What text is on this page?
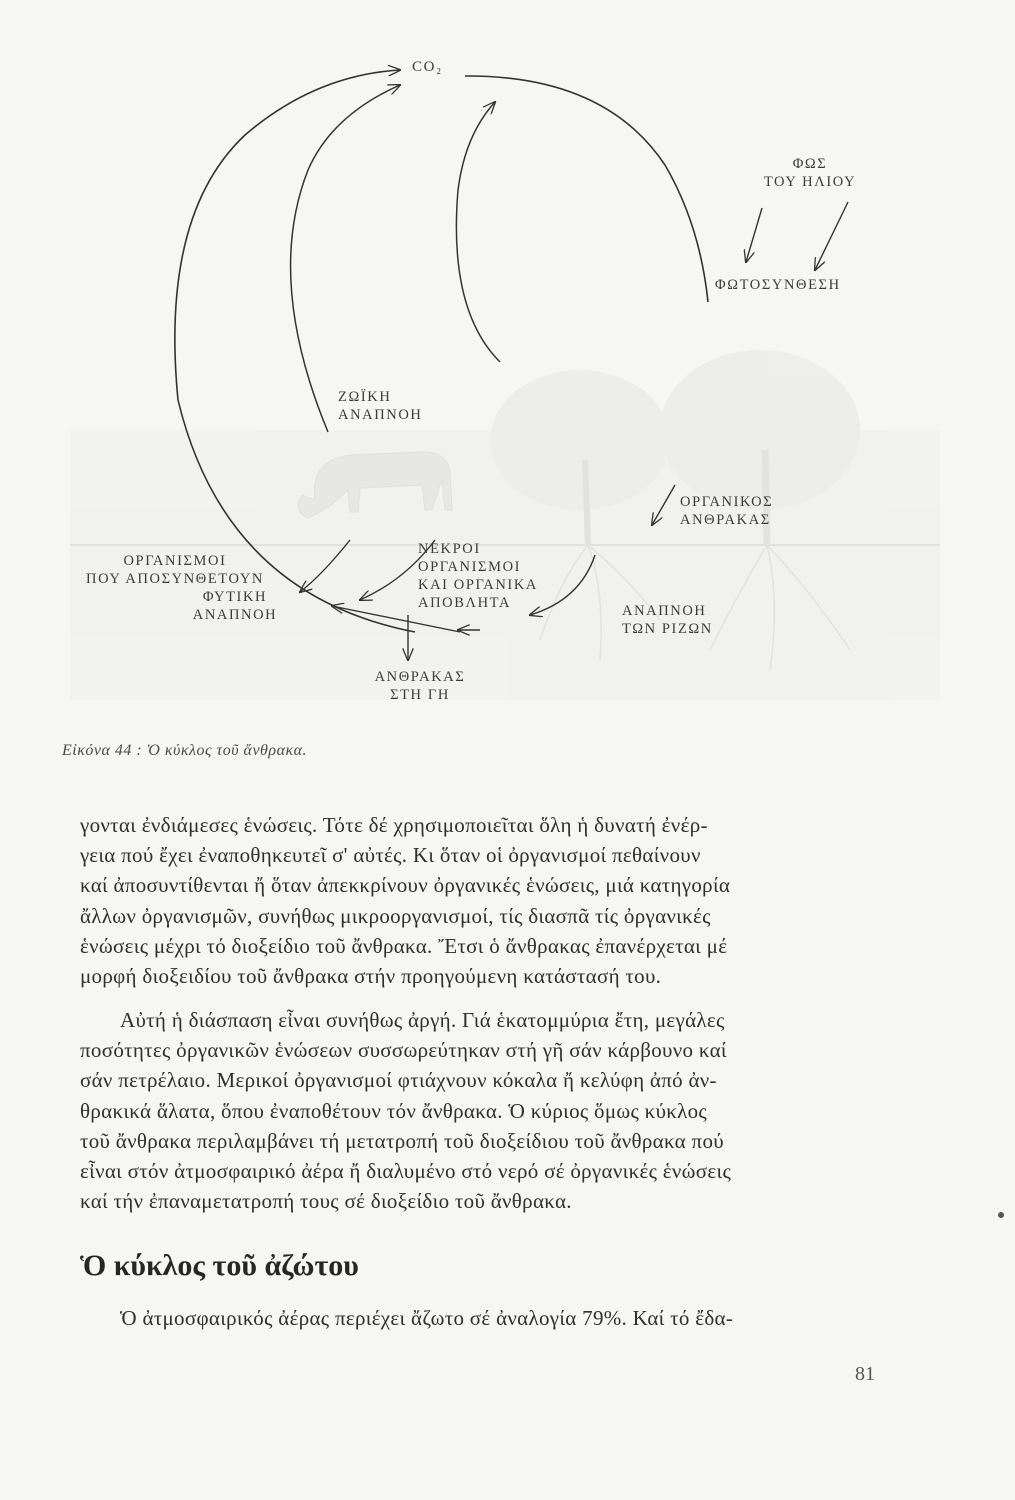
CO₂
ΦΩΣ
ΤΟΥ ΗΛΙΟΥ
ΦΩΤΟΣΥΝΘΕΣΗ
ΖΩΪΚΗ
ΑΝΑΠΝΟΗ
ΟΡΓΑΝΙΚΟΣ
ΑΝΘΡΑΚΑΣ
ΟΡΓΑΝΙΣΜΟΙ
ΠΟΥ ΑΠΟΣΥΝΘΕΤΟΥΝ
ΦΥΤΙΚΗ
ΑΝΑΠΝΟΗ
ΝΕΚΡΟΙ
ΟΡΓΑΝΙΣΜΟΙ
ΚΑΙ ΟΡΓΑΝΙΚΑ
ΑΠΟΒΛΗΤΑ	ΑΝΑΠΝΟΗ
ΤΩΝ ΡΙΖΩΝ
ΑΝΘΡΑΚΑΣ
ΣΤΗ ΓΗ
Εἰκόνα 44 : Ὁ κύκλος τοῦ ἄνθρακα.
γονται ἐνδιάμεσες ἑνώσεις. Τότε δέ χρησιμοποιεῖται ὅλη ἡ δυνατή ἐνέρ-
γεια πού ἔχει ἐναποθηκευτεῖ σ' αὐτές. Κι ὅταν οἱ ὀργανισμοί πεθαίνουν
καί ἀποσυντίθενται ἤ ὅταν ἀπεκκρίνουν ὀργανικές ἑνώσεις, μιά κατηγορία
ἄλλων ὀργανισμῶν, συνήθως μικροοργανισμοί, τίς διασπᾶ τίς ὀργανικές
ἑνώσεις μέχρι τό διοξείδιο τοῦ ἄνθρακα. Ἔτσι ὁ ἄνθρακας ἐπανέρχεται μέ
μορφή διοξειδίου τοῦ ἄνθρακα στήν προηγούμενη κατάστασή του.
Αὐτή ἡ διάσπαση εἶναι συνήθως ἀργή. Γιά ἑκατομμύρια ἔτη, μεγάλες
ποσότητες ὀργανικῶν ἑνώσεων συσσωρεύτηκαν στή γῆ σάν κάρβουνο καί
σάν πετρέλαιο. Μερικοί ὀργανισμοί φτιάχνουν κόκαλα ἤ κελύφη ἀπό ἀν-
θρακικά ἅλατα, ὅπου ἐναποθέτουν τόν ἄνθρακα. Ὁ κύριος ὅμως κύκλος
τοῦ ἄνθρακα περιλαμβάνει τή μετατροπή τοῦ διοξείδιου τοῦ ἄνθρακα πού
εἶναι στόν ἀτμοσφαιρικό ἀέρα ἤ διαλυμένο στό νερό σέ ὀργανικές ἑνώσεις
καί τήν ἐπαναμετατροπή τους σέ διοξείδιο τοῦ ἄνθρακα.
Ὁ κύκλος τοῦ ἀζώτου
Ὁ ἀτμοσφαιρικός ἀέρας περιέχει ἄζωτο σέ ἀναλογία 79%. Καί τό ἔδα-
81
